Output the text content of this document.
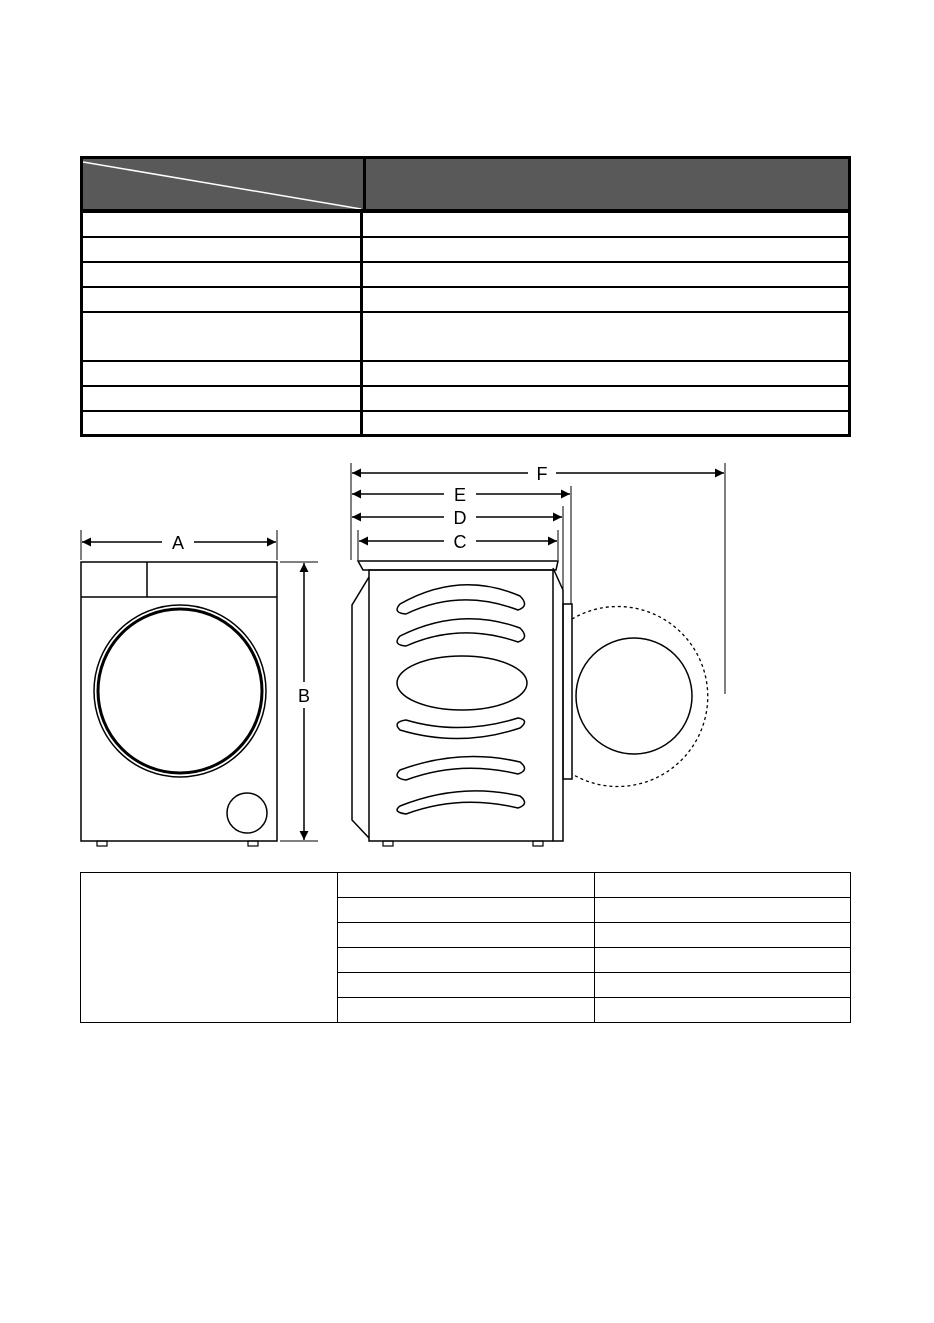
A
B
F
E
D
C
